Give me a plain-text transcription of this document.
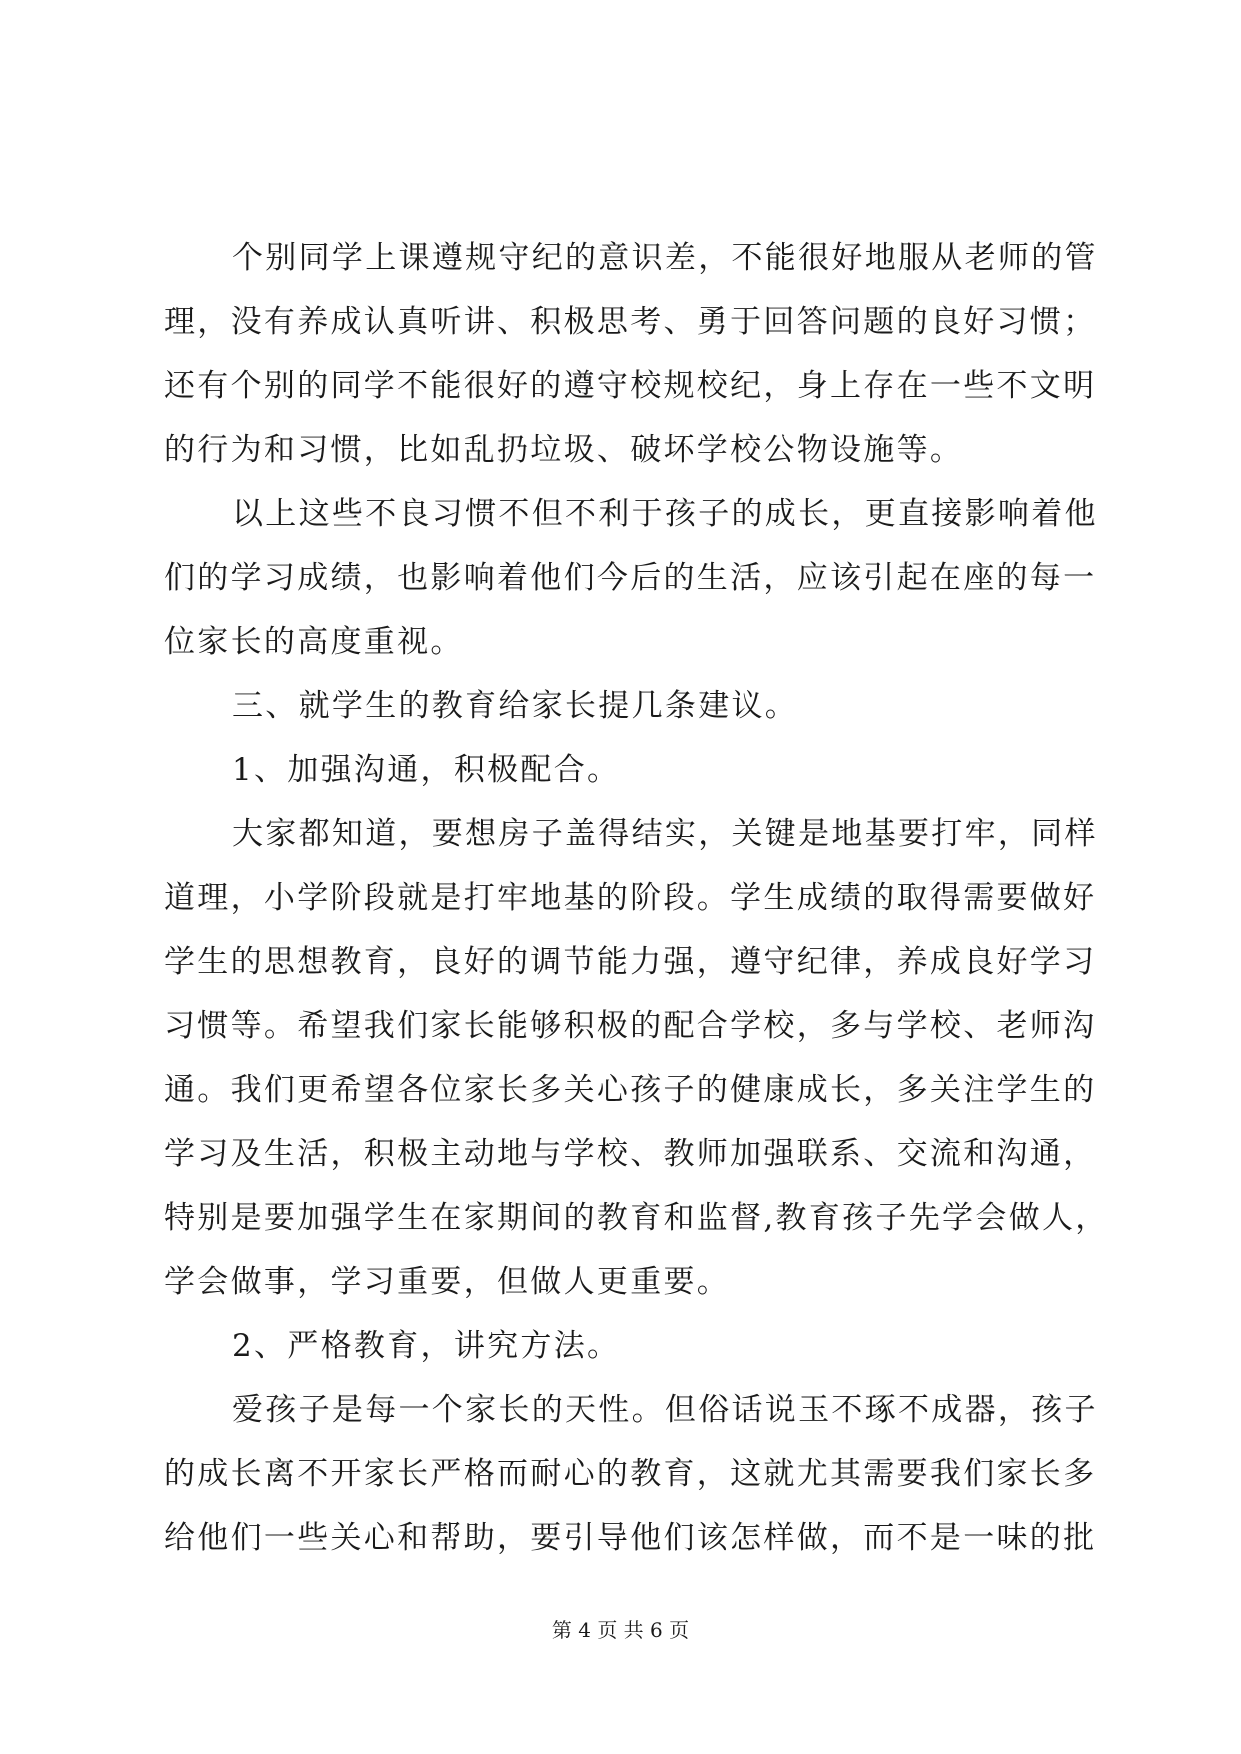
个别同学上课遵规守纪的意识差，不能很好地服从老师的管
理，没有养成认真听讲、积极思考、勇于回答问题的良好习惯；
还有个别的同学不能很好的遵守校规校纪，身上存在一些不文明
的行为和习惯，比如乱扔垃圾、破坏学校公物设施等。
以上这些不良习惯不但不利于孩子的成长，更直接影响着他
们的学习成绩，也影响着他们今后的生活，应该引起在座的每一
位家长的高度重视。
三、就学生的教育给家长提几条建议。
1、加强沟通，积极配合。
大家都知道，要想房子盖得结实，关键是地基要打牢，同样
道理，小学阶段就是打牢地基的阶段。学生成绩的取得需要做好
学生的思想教育，良好的调节能力强，遵守纪律，养成良好学习
习惯等。希望我们家长能够积极的配合学校，多与学校、老师沟
通。我们更希望各位家长多关心孩子的健康成长，多关注学生的
学习及生活，积极主动地与学校、教师加强联系、交流和沟通，
特别是要加强学生在家期间的教育和监督,教育孩子先学会做人，
学会做事，学习重要，但做人更重要。
2、严格教育，讲究方法。
爱孩子是每一个家长的天性。但俗话说玉不琢不成器，孩子
的成长离不开家长严格而耐心的教育，这就尤其需要我们家长多
给他们一些关心和帮助，要引导他们该怎样做，而不是一味的批
第 4 页 共 6 页
